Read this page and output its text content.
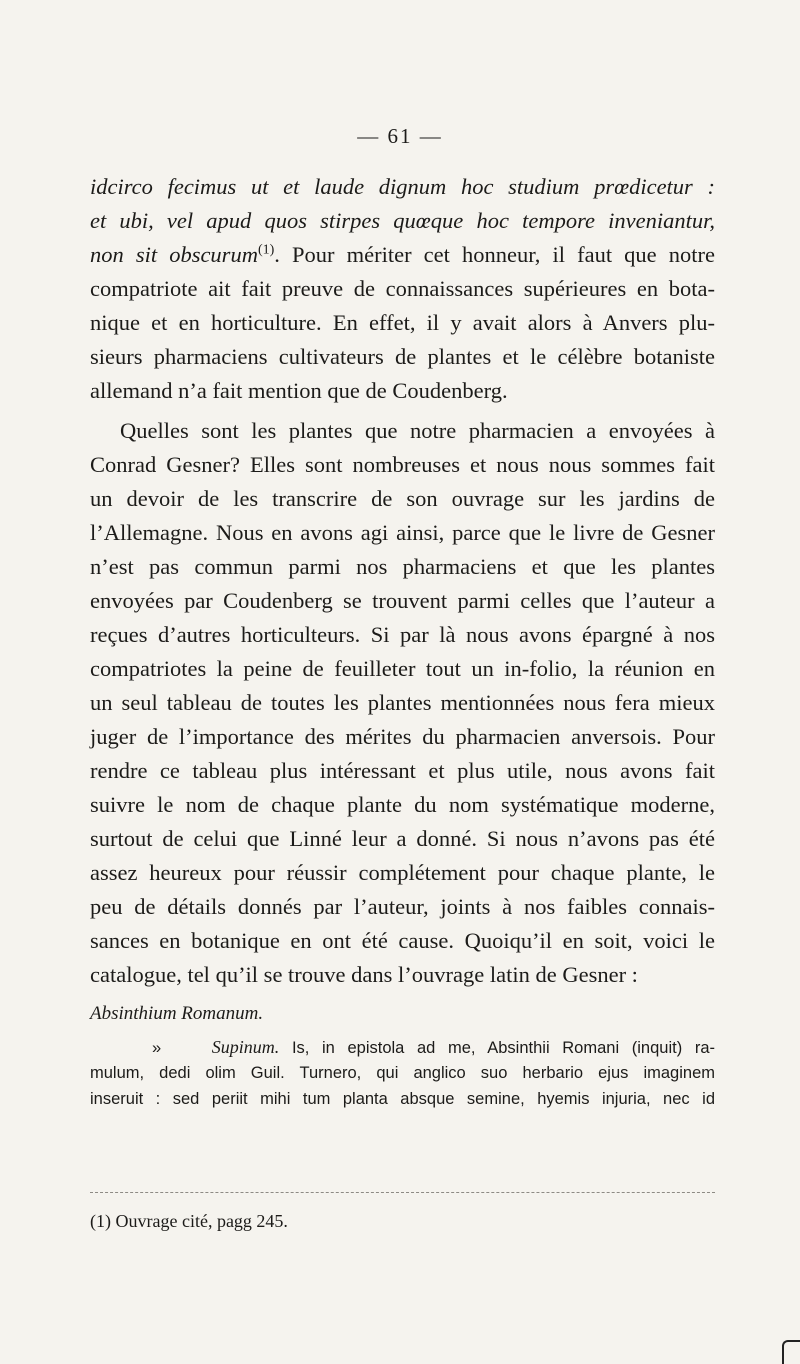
— 61 —
idcirco fecimus ut et laude dignum hoc studium prœdicetur :
et ubi, vel apud quos stirpes quœque hoc tempore inveniantur,
non sit obscurum$^{(1)}$. Pour mériter cet honneur, il faut que notre
compatriote ait fait preuve de connaissances supérieures en bota-
nique et en horticulture. En effet, il y avait alors à Anvers plu-
sieurs pharmaciens cultivateurs de plantes et le célèbre botaniste
allemand n’a fait mention que de Coudenberg.
Quelles sont les plantes que notre pharmacien a envoyées à
Conrad Gesner? Elles sont nombreuses et nous nous sommes fait
un devoir de les transcrire de son ouvrage sur les jardins de
l’Allemagne. Nous en avons agi ainsi, parce que le livre de Gesner
n’est pas commun parmi nos pharmaciens et que les plantes
envoyées par Coudenberg se trouvent parmi celles que l’auteur a
reçues d’autres horticulteurs. Si par là nous avons épargné à nos
compatriotes la peine de feuilleter tout un in-folio, la réunion en
un seul tableau de toutes les plantes mentionnées nous fera mieux
juger de l’importance des mérites du pharmacien anversois. Pour
rendre ce tableau plus intéressant et plus utile, nous avons fait
suivre le nom de chaque plante du nom systématique moderne,
surtout de celui que Linné leur a donné. Si nous n’avons pas été
assez heureux pour réussir complétement pour chaque plante, le
peu de détails donnés par l’auteur, joints à nos faibles connais-
sances en botanique en ont été cause. Quoiqu’il en soit, voici le
catalogue, tel qu’il se trouve dans l’ouvrage latin de Gesner :
Absinthium Romanum.
»	Supinum. Is, in epistola ad me, Absinthii Romani (inquit) ra-
mulum, dedi olim Guil. Turnero, qui anglico suo herbario ejus imaginem
inseruit : sed periit mihi tum planta absque semine, hyemis injuria, nec id
(1) Ouvrage cité, pagg 245.
